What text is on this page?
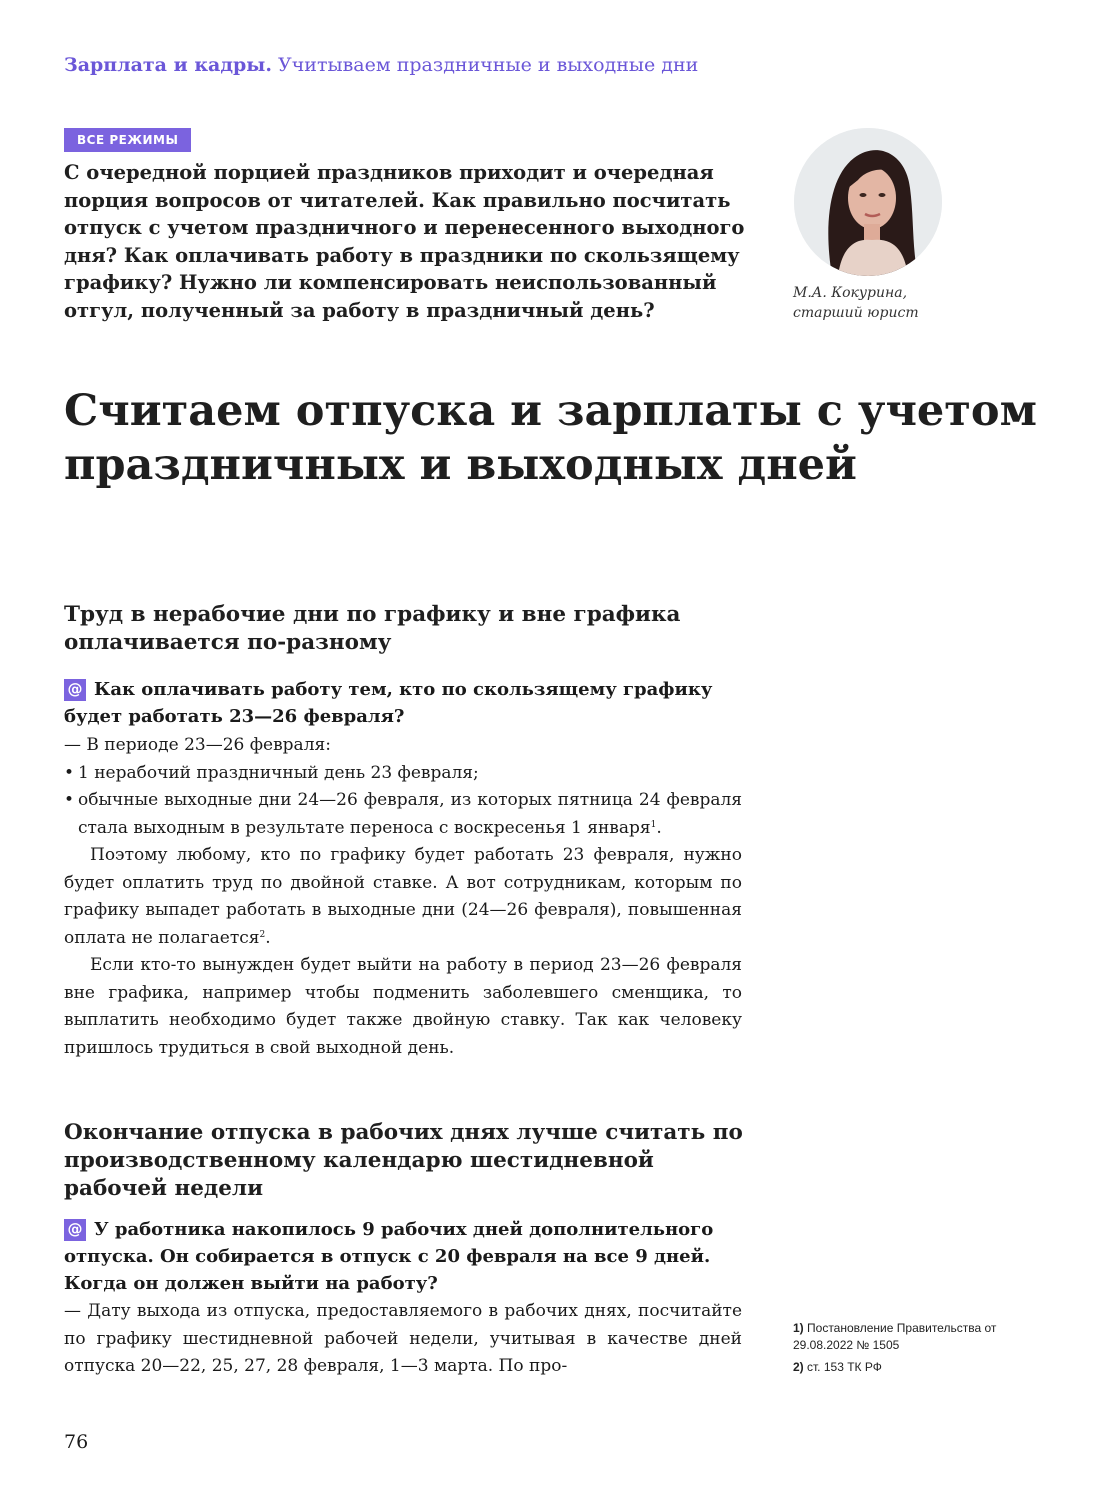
Зарплата и кадры. Учитываем праздничные и выходные дни
ВСЕ РЕЖИМЫ
С очередной порцией праздников приходит и очередная порция вопросов от читателей. Как правильно посчитать отпуск с учетом праздничного и перенесенного выходного дня? Как оплачивать работу в праздники по скользящему графику? Нужно ли компенсировать неиспользованный отгул, полученный за работу в праздничный день?
М.А. Кокурина,
старший юрист
Считаем отпуска и зарплаты с учетом праздничных и выходных дней
Труд в нерабочие дни по графику и вне графика оплачивается по-разному
@ Как оплачивать работу тем, кто по скользящему графику будет работать 23—26 февраля?

— В периоде 23—26 февраля:

• 1 нерабочий праздничный день 23 февраля;
• обычные выходные дни 24—26 февраля, из которых пятница 24 февраля стала выходным в результате переноса с воскресенья 1 января$^1$.

Поэтому любому, кто по графику будет работать 23 февраля, нужно будет оплатить труд по двойной ставке. А вот сотрудникам, которым по графику выпадет работать в выходные дни (24—26 февраля), повышенная оплата не полагается$^2$.

Если кто-то вынужден будет выйти на работу в период 23—26 февраля вне графика, например чтобы подменить заболевшего сменщика, то выплатить необходимо будет также двойную ставку. Так как человеку пришлось трудиться в свой выходной день.

Окончание отпуска в рабочих днях лучше считать по производственному календарю шестидневной рабочей недели
@ У работника накопилось 9 рабочих дней дополнительного отпуска. Он собирается в отпуск с 20 февраля на все 9 дней. Когда он должен выйти на работу?

— Дату выхода из отпуска, предоставляемого в рабочих днях, посчитайте по графику шестидневной рабочей недели, учитывая в качестве дней отпуска 20—22, 25, 27, 28 февраля, 1—3 марта. По про-

1) Постановление Правительства от 29.08.2022 № 1505
2) ст. 153 ТК РФ
76
